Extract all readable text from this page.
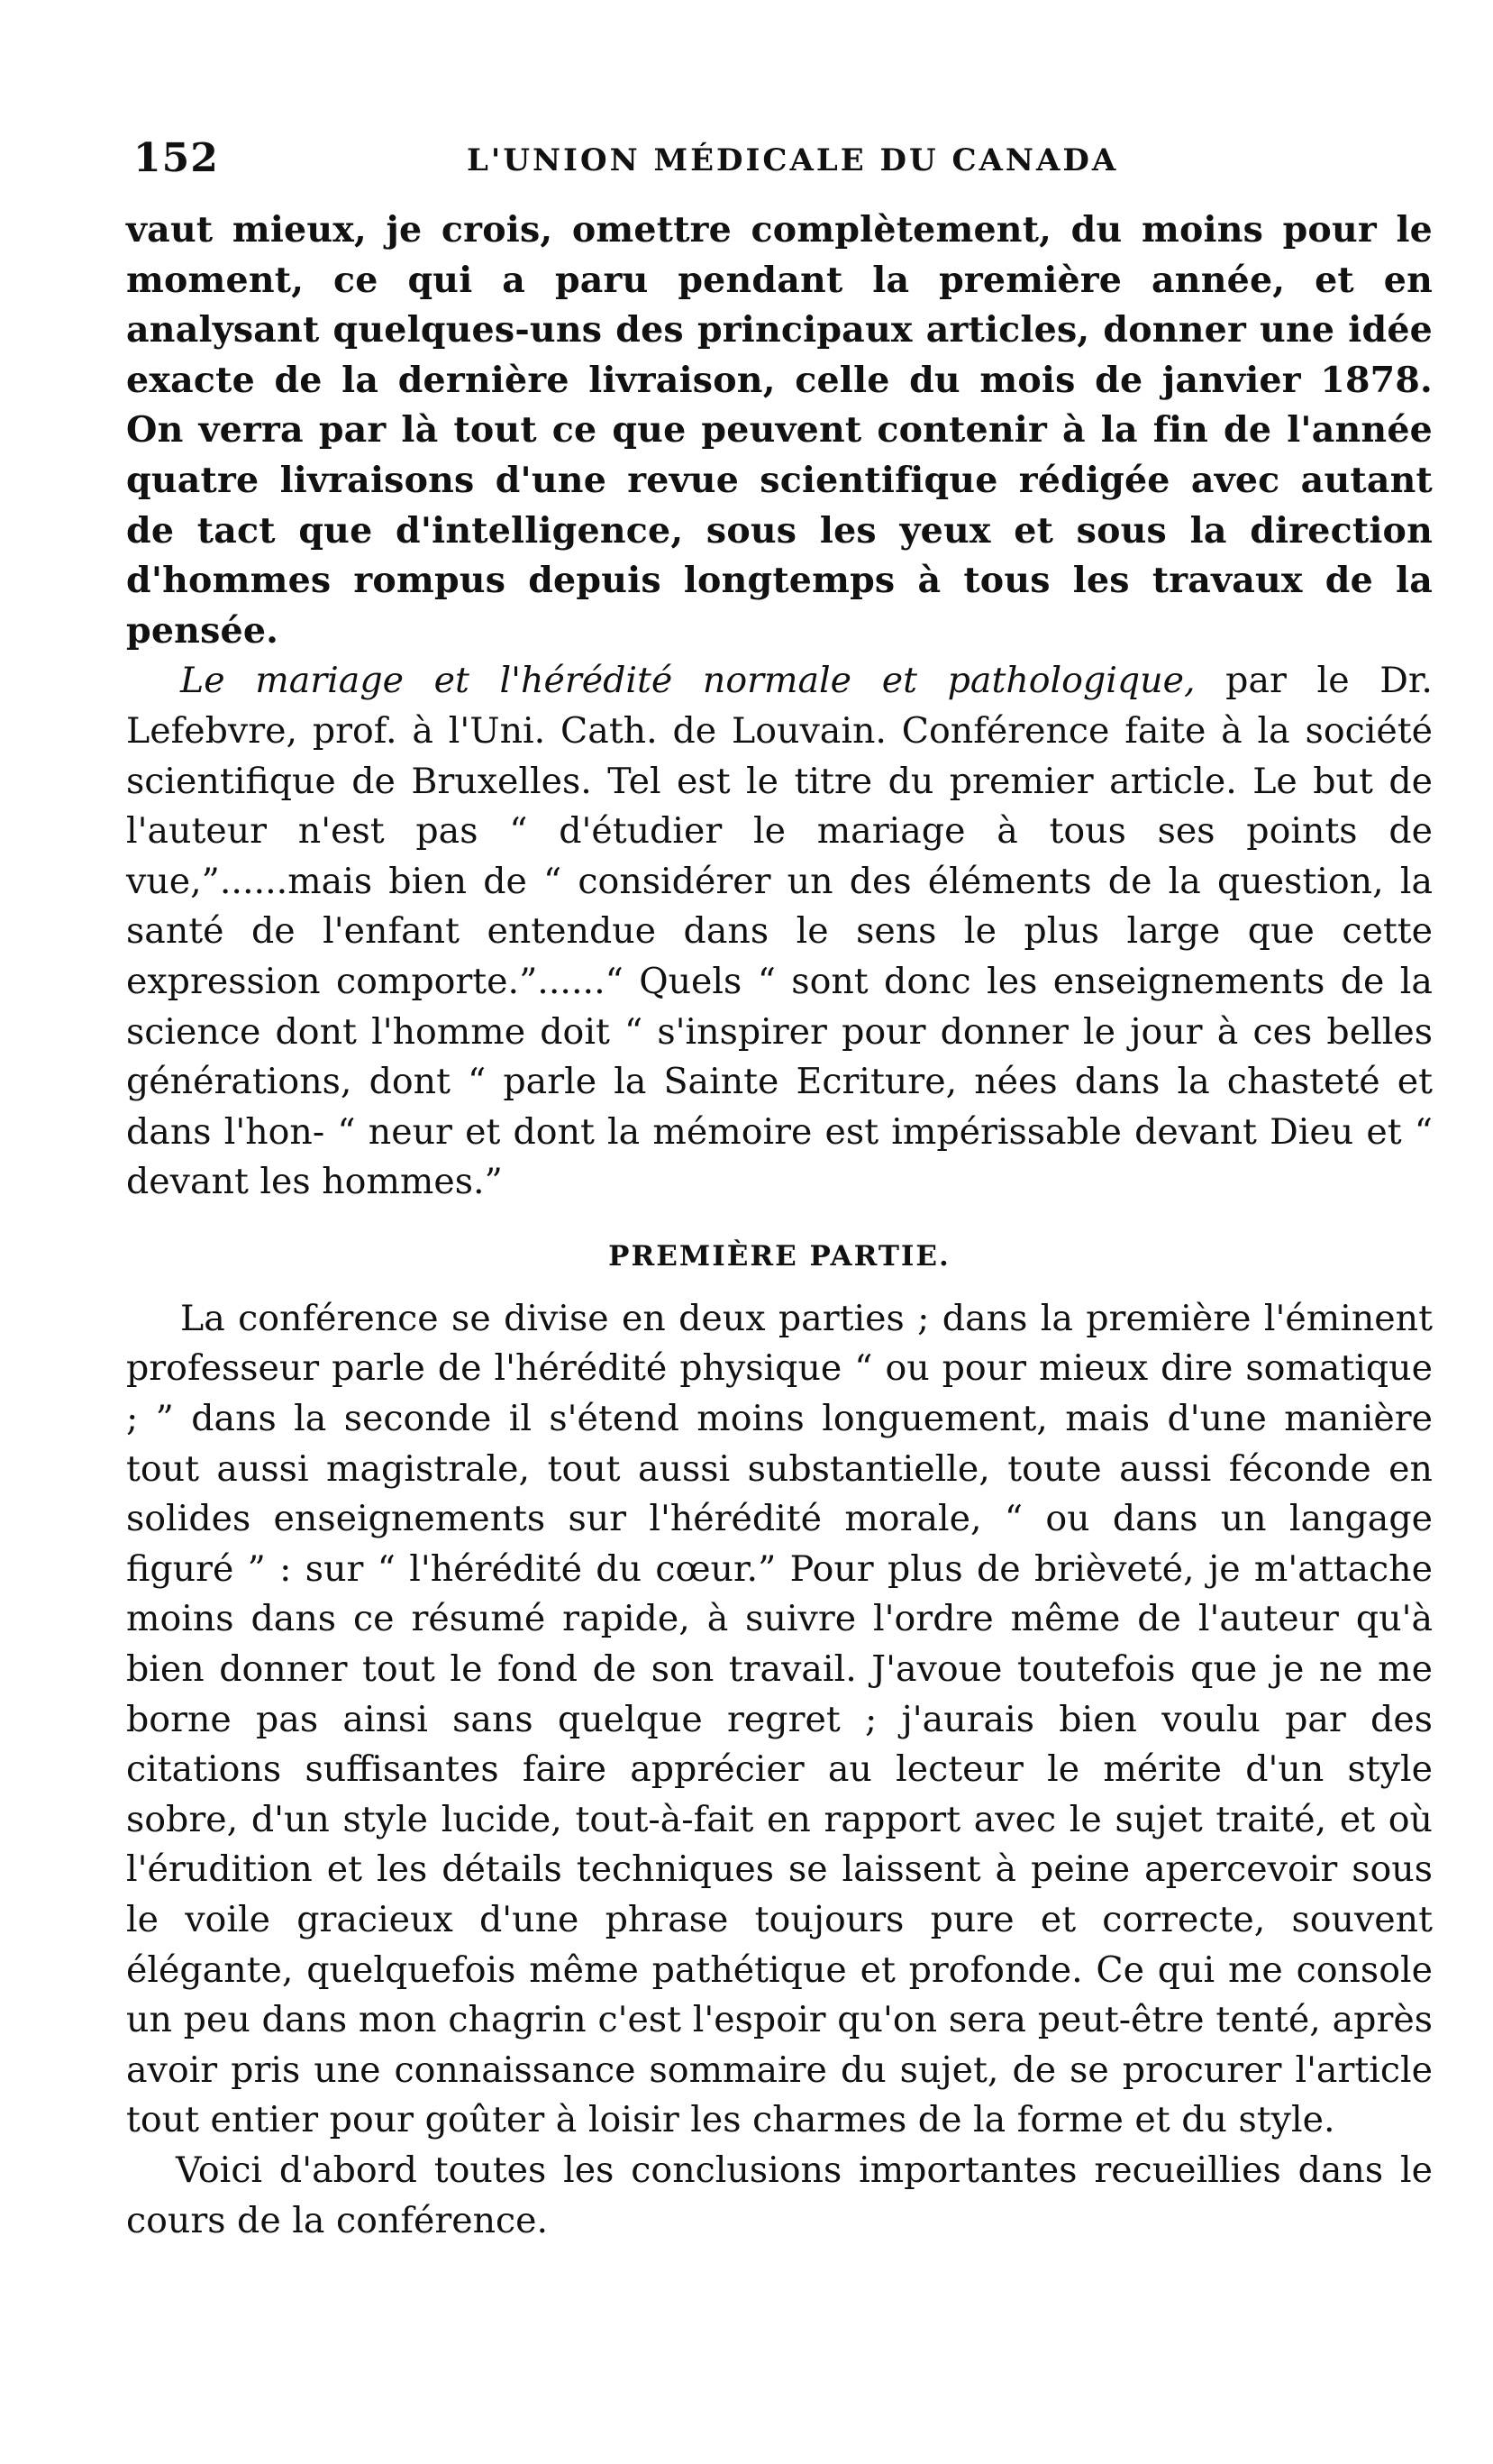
152	L'UNION MÉDICALE DU CANADA

vaut mieux, je crois, omettre complètement, du moins pour le moment, ce qui a paru pendant la première année, et en analysant quelques-uns des principaux articles, donner une idée exacte de la dernière livraison, celle du mois de janvier 1878. On verra par là tout ce que peuvent contenir à la fin de l'année quatre livraisons d'une revue scientifique rédigée avec autant de tact que d'intelligence, sous les yeux et sous la direction d'hommes rompus depuis longtemps à tous les travaux de la pensée.

Le mariage et l'hérédité normale et pathologique, par le Dr. Lefebvre, prof. à l'Uni. Cath. de Louvain. Conférence faite à la société scientifique de Bruxelles. Tel est le titre du premier article. Le but de l'auteur n'est pas “ d'étudier le mariage à tous ses points de vue,”......mais bien de “ considérer un des éléments de la question, la santé de l'enfant entendue dans le sens le plus large que cette expression comporte.”......“ Quels “ sont donc les enseignements de la science dont l'homme doit “ s'inspirer pour donner le jour à ces belles générations, dont “ parle la Sainte Ecriture, nées dans la chasteté et dans l'hon- “ neur et dont la mémoire est impérissable devant Dieu et “ devant les hommes.”

PREMIÈRE PARTIE.

La conférence se divise en deux parties ; dans la première l'éminent professeur parle de l'hérédité physique “ ou pour mieux dire somatique ; ” dans la seconde il s'étend moins longuement, mais d'une manière tout aussi magistrale, tout aussi substantielle, toute aussi féconde en solides enseignements sur l'hérédité morale, “ ou dans un langage figuré ” : sur “ l'hérédité du cœur.” Pour plus de brièveté, je m'attache moins dans ce résumé rapide, à suivre l'ordre même de l'auteur qu'à bien donner tout le fond de son travail. J'avoue toutefois que je ne me borne pas ainsi sans quelque regret ; j'aurais bien voulu par des citations suffisantes faire apprécier au lecteur le mérite d'un style sobre, d'un style lucide, tout-à-fait en rapport avec le sujet traité, et où l'érudition et les détails techniques se laissent à peine apercevoir sous le voile gracieux d'une phrase toujours pure et correcte, souvent élégante, quelquefois même pathétique et profonde. Ce qui me console un peu dans mon chagrin c'est l'espoir qu'on sera peut-être tenté, après avoir pris une connaissance sommaire du sujet, de se procurer l'article tout entier pour goûter à loisir les charmes de la forme et du style.

Voici d'abord toutes les conclusions importantes recueillies dans le cours de la conférence.
